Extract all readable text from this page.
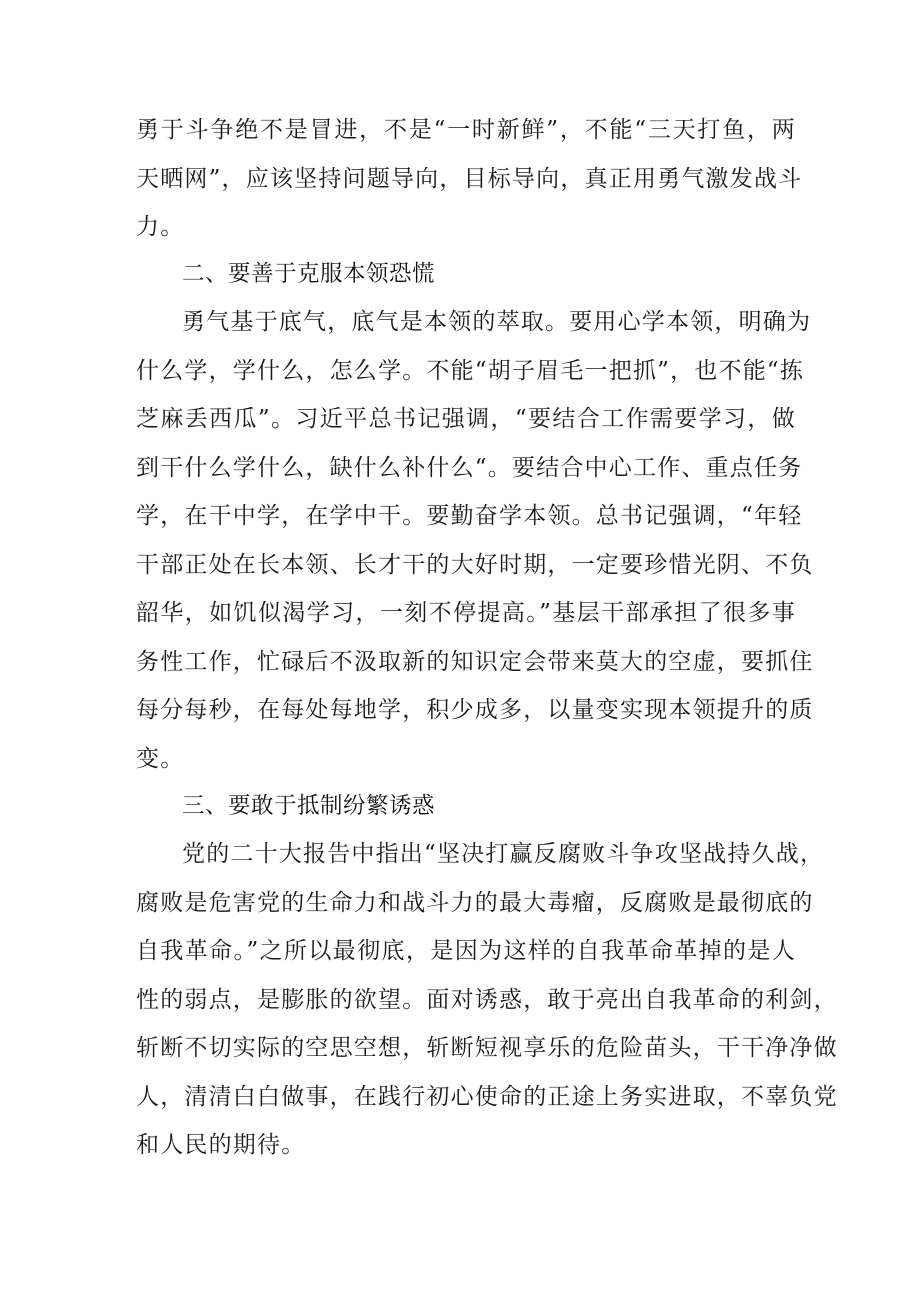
勇于斗争绝不是冒进，不是“一时新鲜”，不能“三天打鱼，两
天晒网”，应该坚持问题导向，目标导向，真正用勇气激发战斗
力。
二、要善于克服本领恐慌
勇气基于底气，底气是本领的萃取。要用心学本领，明确为
什么学，学什么，怎么学。不能“胡子眉毛一把抓”，也不能“拣
芝麻丢西瓜”。习近平总书记强调，“要结合工作需要学习，做
到干什么学什么，缺什么补什么“。要结合中心工作、重点任务
学，在干中学，在学中干。要勤奋学本领。总书记强调，“年轻
干部正处在长本领、长才干的大好时期，一定要珍惜光阴、不负
韶华，如饥似渴学习，一刻不停提高。”基层干部承担了很多事
务性工作，忙碌后不汲取新的知识定会带来莫大的空虚，要抓住
每分每秒，在每处每地学，积少成多，以量变实现本领提升的质
变。
三、要敢于抵制纷繁诱惑
党的二十大报告中指出“坚决打赢反腐败斗争攻坚战持久战，
腐败是危害党的生命力和战斗力的最大毒瘤，反腐败是最彻底的
自我革命。”之所以最彻底，是因为这样的自我革命革掉的是人
性的弱点，是膨胀的欲望。面对诱惑，敢于亮出自我革命的利剑，
斩断不切实际的空思空想，斩断短视享乐的危险苗头，干干净净做
人，清清白白做事，在践行初心使命的正途上务实进取，不辜负党
和人民的期待。
